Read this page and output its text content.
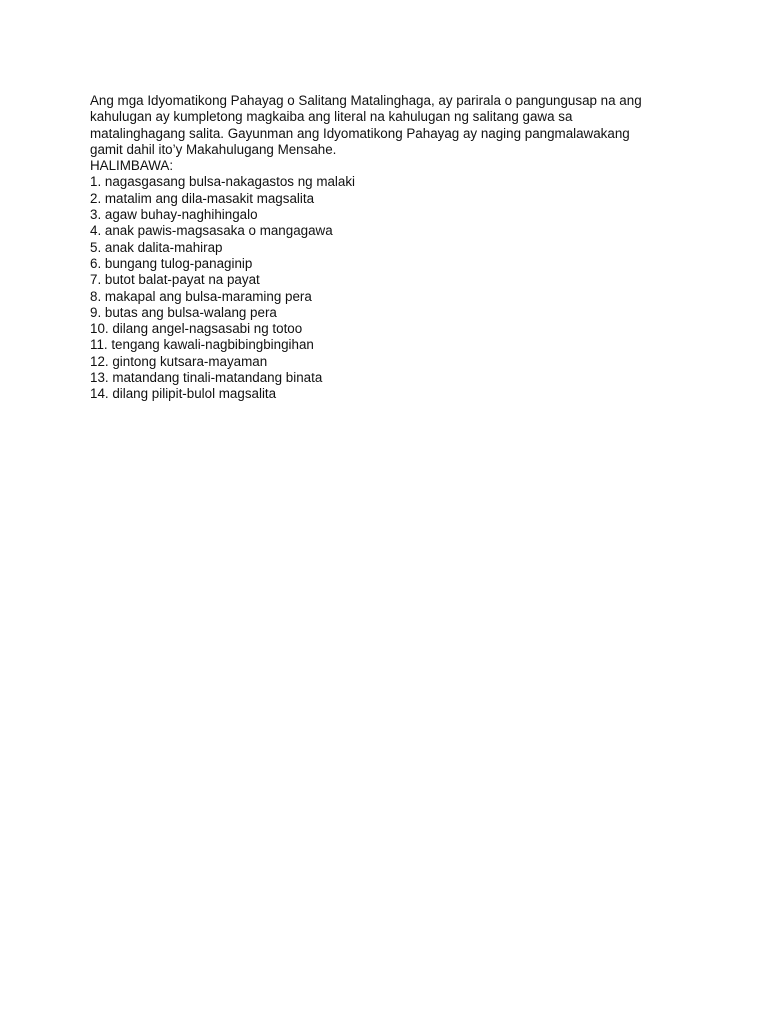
Ang mga Idyomatikong Pahayag o Salitang Matalinghaga, ay parirala o pangungusap na ang

kahulugan ay kumpletong magkaiba ang literal na kahulugan ng salitang gawa sa

matalinghagang salita. Gayunman ang Idyomatikong Pahayag ay naging pangmalawakang

gamit dahil ito’y Makahulugang Mensahe.

HALIMBAWA:

1. nagasgasang bulsa-nakagastos ng malaki
2. matalim ang dila-masakit magsalita
3. agaw buhay-naghihingalo
4. anak pawis-magsasaka o mangagawa
5. anak dalita-mahirap
6. bungang tulog-panaginip
7. butot balat-payat na payat
8. makapal ang bulsa-maraming pera
9. butas ang bulsa-walang pera
10. dilang angel-nagsasabi ng totoo
11. tengang kawali-nagbibingbingihan
12. gintong kutsara-mayaman
13. matandang tinali-matandang binata
14. dilang pilipit-bulol magsalita
